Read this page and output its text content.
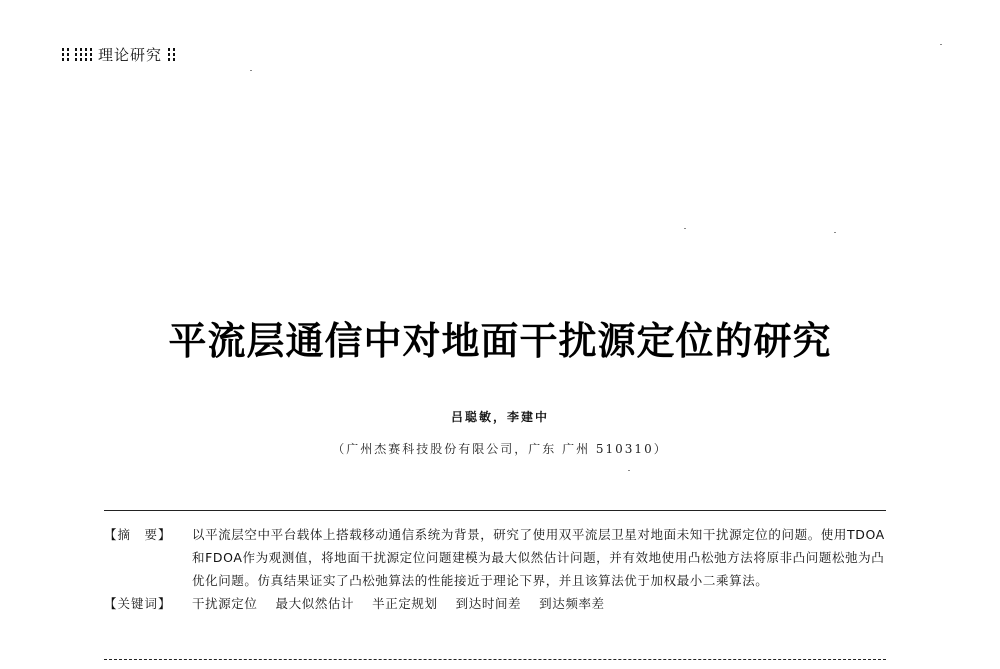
理论研究
平流层通信中对地面干扰源定位的研究
吕聪敏，李建中
（广州杰赛科技股份有限公司，广东 广州 510310）
【摘　要】	以平流层空中平台载体上搭载移动通信系统为背景，研究了使用双平流层卫星对地面未知干扰源定位的问题。使用TDOA和FDOA作为观测值，将地面干扰源定位问题建模为最大似然估计问题，并有效地使用凸松弛方法将原非凸问题松弛为凸优化问题。仿真结果证实了凸松弛算法的性能接近于理论下界，并且该算法优于加权最小二乘算法。
【关键词】	干扰源定位 最大似然估计 半正定规划 到达时间差 到达频率差
